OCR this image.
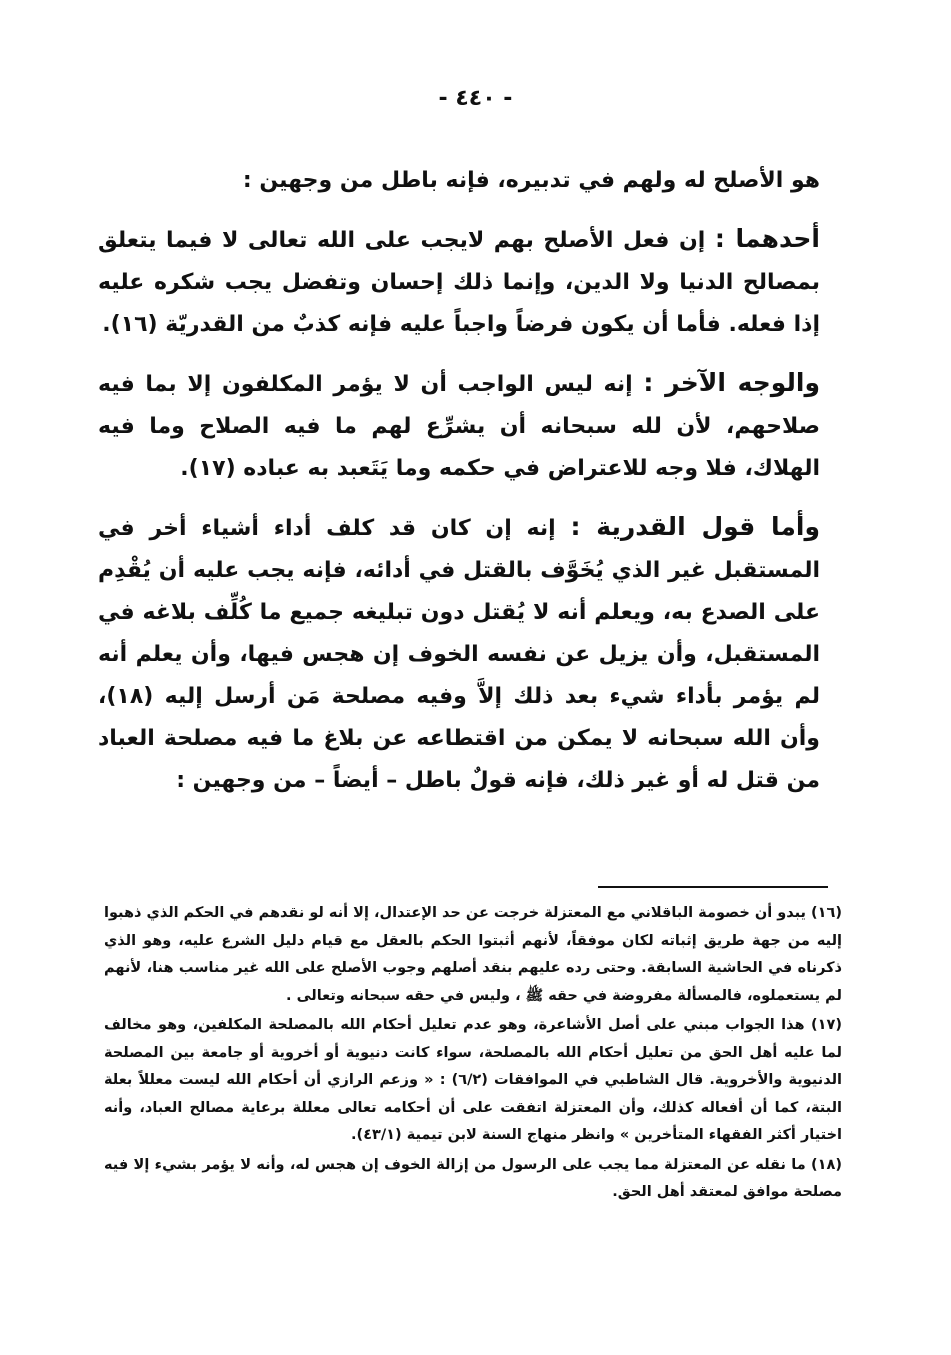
- ٤٤٠ -

هو الأصلح له ولهم في تدبيره، فإنه باطل من وجهين :

أحدهما : إن فعل الأصلح بهم لايجب على الله تعالى لا فيما يتعلق بمصالح الدنيا ولا الدين، وإنما ذلك إحسان وتفضل يجب شكره عليه إذا فعله. فأما أن يكون فرضاً واجباً عليه فإنه كذبٌ من القدريّة (١٦).

والوجه الآخر : إنه ليس الواجب أن لا يؤمر المكلفون إلا بما فيه صلاحهم، لأن لله سبحانه أن يشرِّع لهم ما فيه الصلاح وما فيه الهلاك، فلا وجه للاعتراض في حكمه وما يَتَعبد به عباده (١٧).

وأما قول القدرية : إنه إن كان قد كلف أداء أشياء أخر في المستقبل غير الذي يُخَوَّف بالقتل في أدائه، فإنه يجب عليه أن يُقْدِم على الصدع به، ويعلم أنه لا يُقتل دون تبليغه جميع ما كُلِّف بلاغه في المستقبل، وأن يزيل عن نفسه الخوف إن هجس فيها، وأن يعلم أنه لم يؤمر بأداء شيء بعد ذلك إلاَّ وفيه مصلحة مَن أرسل إليه (١٨)، وأن الله سبحانه لا يمكن من اقتطاعه عن بلاغ ما فيه مصلحة العباد من قتل له أو غير ذلك، فإنه قولٌ باطل – أيضاً – من وجهين :

(١٦) يبدو أن خصومة الباقلاني مع المعتزلة خرجت عن حد الإعتدال، إلا أنه لو نقدهم في الحكم الذي ذهبوا إليه من جهة طريق إثباته لكان موفقاً، لأنهم أثبتوا الحكم بالعقل مع قيام دليل الشرع عليه، وهو الذي ذكرناه في الحاشية السابقة. وحتى رده عليهم بنقد أصلهم وجوب الأصلح على الله غير مناسب هنا، لأنهم لم يستعملوه، فالمسألة مفروضة في حقه ﷺ ، وليس في حقه سبحانه وتعالى .

(١٧) هذا الجواب مبني على أصل الأشاعرة، وهو عدم تعليل أحكام الله بالمصلحة المكلفين، وهو مخالف لما عليه أهل الحق من تعليل أحكام الله بالمصلحة، سواء كانت دنيوية أو أخروية أو جامعة بين المصلحة الدنيوية والأخروية. قال الشاطبي في الموافقات (٦/٢) : « وزعم الرازي أن أحكام الله ليست معللاً بعلة البتة، كما أن أفعاله كذلك، وأن المعتزلة اتفقت على أن أحكامه تعالى معللة برعاية مصالح العباد، وأنه اختيار أكثر الفقهاء المتأخرين » وانظر منهاج السنة لابن تيمية (٤٣/١).

(١٨) ما نقله عن المعتزلة مما يجب على الرسول من إزالة الخوف إن هجس له، وأنه لا يؤمر بشيء إلا فيه مصلحة موافق لمعتقد أهل الحق.
